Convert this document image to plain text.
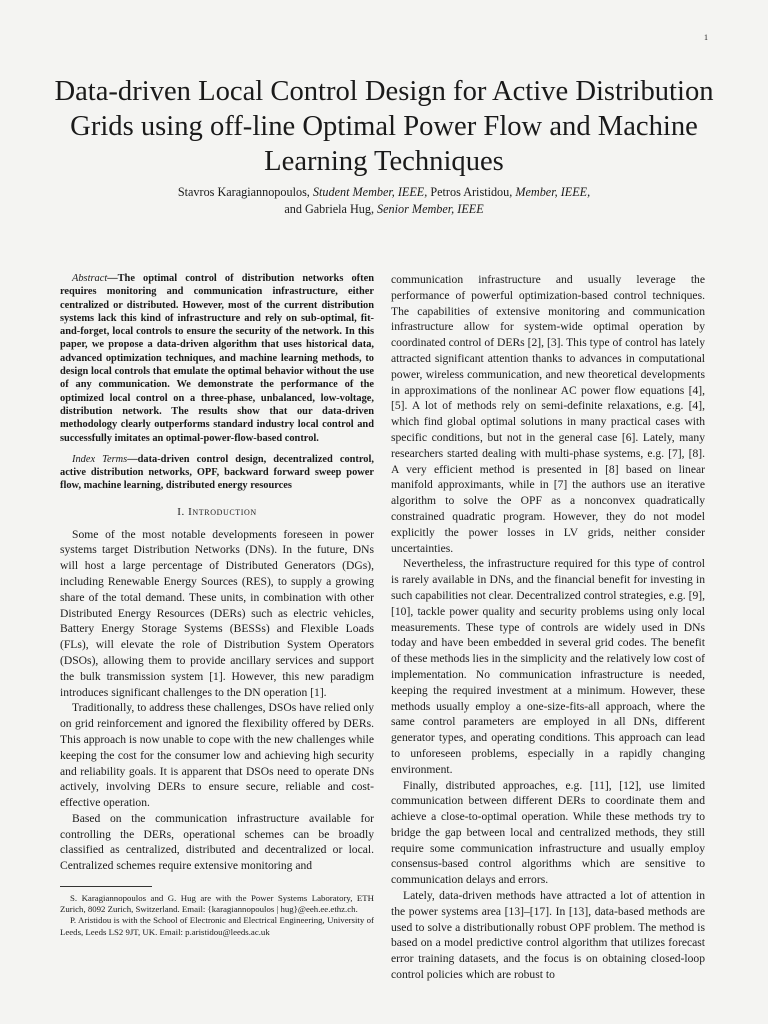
1
Data-driven Local Control Design for Active Distribution Grids using off-line Optimal Power Flow and Machine Learning Techniques
Stavros Karagiannopoulos, Student Member, IEEE, Petros Aristidou, Member, IEEE,
and Gabriela Hug, Senior Member, IEEE

Abstract—The optimal control of distribution networks often requires monitoring and communication infrastructure, either centralized or distributed. However, most of the current distribution systems lack this kind of infrastructure and rely on sub-optimal, fit-and-forget, local controls to ensure the security of the network. In this paper, we propose a data-driven algorithm that uses historical data, advanced optimization techniques, and machine learning methods, to design local controls that emulate the optimal behavior without the use of any communication. We demonstrate the performance of the optimized local control on a three-phase, unbalanced, low-voltage, distribution network. The results show that our data-driven methodology clearly outperforms standard industry local control and successfully imitates an optimal-power-flow-based control.

Index Terms—data-driven control design, decentralized control, active distribution networks, OPF, backward forward sweep power flow, machine learning, distributed energy resources

I. Introduction

Some of the most notable developments foreseen in power systems target Distribution Networks (DNs). In the future, DNs will host a large percentage of Distributed Generators (DGs), including Renewable Energy Sources (RES), to supply a growing share of the total demand. These units, in combination with other Distributed Energy Resources (DERs) such as electric vehicles, Battery Energy Storage Systems (BESSs) and Flexible Loads (FLs), will elevate the role of Distribution System Operators (DSOs), allowing them to provide ancillary services and support the bulk transmission system [1]. However, this new paradigm introduces significant challenges to the DN operation [1].

Traditionally, to address these challenges, DSOs have relied only on grid reinforcement and ignored the flexibility offered by DERs. This approach is now unable to cope with the new challenges while keeping the cost for the consumer low and achieving high security and reliability goals. It is apparent that DSOs need to operate DNs actively, involving DERs to ensure secure, reliable and cost-effective operation.

Based on the communication infrastructure available for controlling the DERs, operational schemes can be broadly classified as centralized, distributed and decentralized or local. Centralized schemes require extensive monitoring and

S. Karagiannopoulos and G. Hug are with the Power Systems Laboratory, ETH Zurich, 8092 Zurich, Switzerland. Email: {karagiannopoulos | hug}@eeh.ee.ethz.ch.

P. Aristidou is with the School of Electronic and Electrical Engineering, University of Leeds, Leeds LS2 9JT, UK. Email: p.aristidou@leeds.ac.uk

communication infrastructure and usually leverage the performance of powerful optimization-based control techniques. The capabilities of extensive monitoring and communication infrastructure allow for system-wide optimal operation by coordinated control of DERs [2], [3]. This type of control has lately attracted significant attention thanks to advances in computational power, wireless communication, and new theoretical developments in approximations of the nonlinear AC power flow equations [4], [5]. A lot of methods rely on semi-definite relaxations, e.g. [4], which find global optimal solutions in many practical cases with specific conditions, but not in the general case [6]. Lately, many researchers started dealing with multi-phase systems, e.g. [7], [8]. A very efficient method is presented in [8] based on linear manifold approximants, while in [7] the authors use an iterative algorithm to solve the OPF as a nonconvex quadratically constrained quadratic program. However, they do not model explicitly the power losses in LV grids, neither consider uncertainties.

Nevertheless, the infrastructure required for this type of control is rarely available in DNs, and the financial benefit for investing in such capabilities not clear. Decentralized control strategies, e.g. [9], [10], tackle power quality and security problems using only local measurements. These type of controls are widely used in DNs today and have been embedded in several grid codes. The benefit of these methods lies in the simplicity and the relatively low cost of implementation. No communication infrastructure is needed, keeping the required investment at a minimum. However, these methods usually employ a one-size-fits-all approach, where the same control parameters are employed in all DNs, different generator types, and operating conditions. This approach can lead to unforeseen problems, especially in a rapidly changing environment.

Finally, distributed approaches, e.g. [11], [12], use limited communication between different DERs to coordinate them and achieve a close-to-optimal operation. While these methods try to bridge the gap between local and centralized methods, they still require some communication infrastructure and usually employ consensus-based control algorithms which are sensitive to communication delays and errors.

Lately, data-driven methods have attracted a lot of attention in the power systems area [13]–[17]. In [13], data-based methods are used to solve a distributionally robust OPF problem. The method is based on a model predictive control algorithm that utilizes forecast error training datasets, and the focus is on obtaining closed-loop control policies which are robust to
